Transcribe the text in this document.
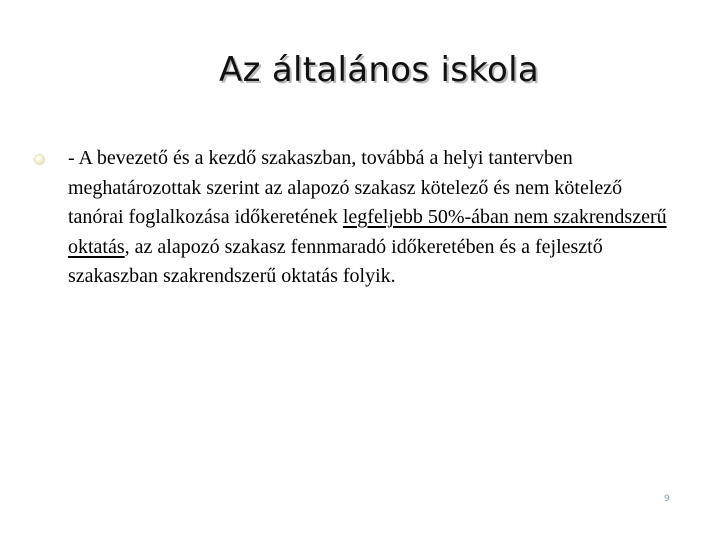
Az általános iskola

- A bevezető és a kezdő szakaszban, továbbá a helyi tantervben meghatározottak szerint az alapozó szakasz kötelező és nem kötelező tanórai foglalkozása időkeretének legfeljebb 50%-ában nem szakrendszerű oktatás, az alapozó szakasz fennmaradó időkeretében és a fejlesztő szakaszban szakrendszerű oktatás folyik.

9
